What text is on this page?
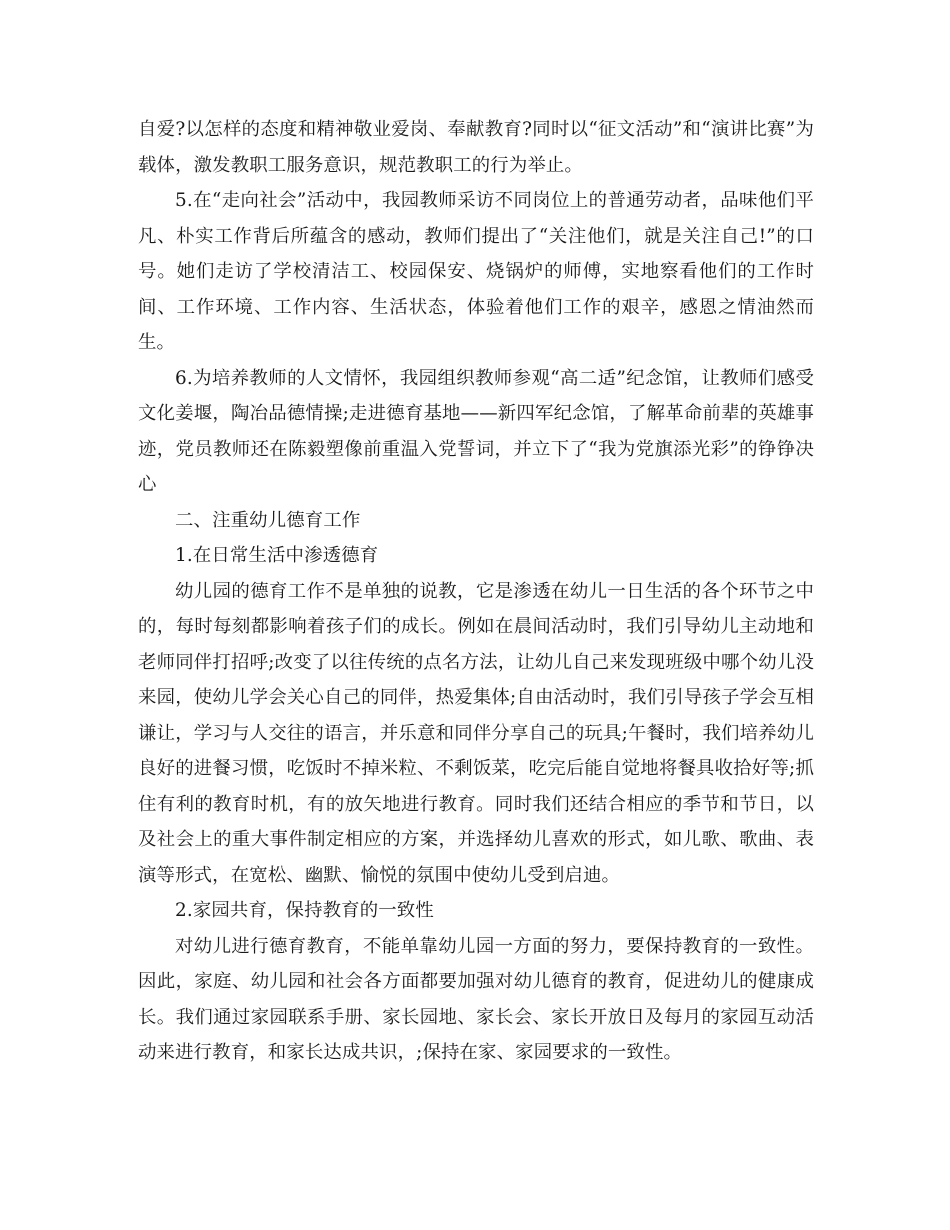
自爱?以怎样的态度和精神敬业爱岗、奉献教育?同时以“征文活动”和“演讲比赛”为载体，激发教职工服务意识，规范教职工的行为举止。

5.在“走向社会”活动中，我园教师采访不同岗位上的普通劳动者，品味他们平凡、朴实工作背后所蕴含的感动，教师们提出了“关注他们，就是关注自己!”的口号。她们走访了学校清洁工、校园保安、烧锅炉的师傅，实地察看他们的工作时间、工作环境、工作内容、生活状态，体验着他们工作的艰辛，感恩之情油然而生。

6.为培养教师的人文情怀，我园组织教师参观“高二适”纪念馆，让教师们感受文化姜堰，陶冶品德情操;走进德育基地——新四军纪念馆，了解革命前辈的英雄事迹，党员教师还在陈毅塑像前重温入党誓词，并立下了“我为党旗添光彩”的铮铮决心

二、注重幼儿德育工作

1.在日常生活中渗透德育

幼儿园的德育工作不是单独的说教，它是渗透在幼儿一日生活的各个环节之中的，每时每刻都影响着孩子们的成长。例如在晨间活动时，我们引导幼儿主动地和老师同伴打招呼;改变了以往传统的点名方法，让幼儿自己来发现班级中哪个幼儿没来园，使幼儿学会关心自己的同伴，热爱集体;自由活动时，我们引导孩子学会互相谦让，学习与人交往的语言，并乐意和同伴分享自己的玩具;午餐时，我们培养幼儿良好的进餐习惯，吃饭时不掉米粒、不剩饭菜，吃完后能自觉地将餐具收拾好等;抓住有利的教育时机，有的放矢地进行教育。同时我们还结合相应的季节和节日，以及社会上的重大事件制定相应的方案，并选择幼儿喜欢的形式，如儿歌、歌曲、表演等形式，在宽松、幽默、愉悦的氛围中使幼儿受到启迪。

2.家园共育，保持教育的一致性

对幼儿进行德育教育，不能单靠幼儿园一方面的努力，要保持教育的一致性。因此，家庭、幼儿园和社会各方面都要加强对幼儿德育的教育，促进幼儿的健康成长。我们通过家园联系手册、家长园地、家长会、家长开放日及每月的家园互动活动来进行教育，和家长达成共识，;保持在家、家园要求的一致性。
